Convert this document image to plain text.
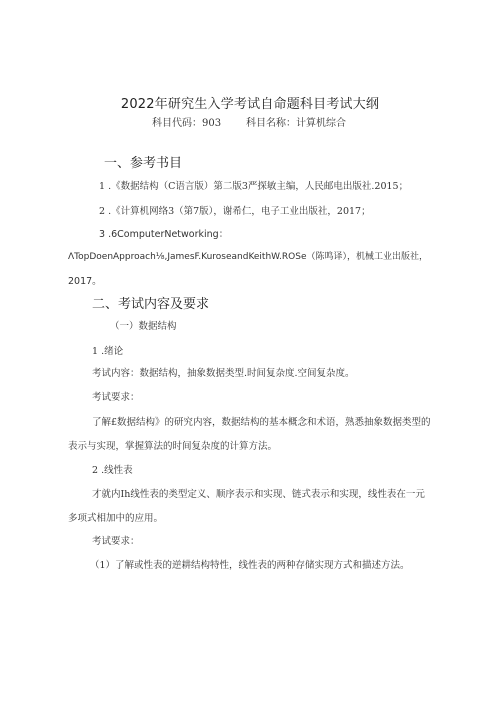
2022年研究生入学考试自命题科目考试大纲
科目代码：903 科目名称：计算机综合
一、参考书目
1 .《数据结构（C语言版）第二版3严探敏主编，人民邮电出版社.2015；
2 .《计算机网络3（第7版），谢希仁，电子工业出版社，2017；
3 .6ComputerNetworking：
ΛTopDoenApproach⅛,JamesF.KuroseandKeithW.ROSe（陈鸣译），机械工业出版社，
2017。
二、考试内容及要求
（一）数据结构
1 .绪论
考试内容：数据结构，抽象数据类型.时间复杂度.空间复杂度。
考试要求：
了解£数据结构》的研究内容，数据结构的基本概念和术语，熟悉抽象数据类型的
表示与实现，掌握算法的时间复杂度的计算方法。
2 .线性表
才就内Ih线性表的类型定义、顺序表示和实现、链式表示和实现，线性表在一元
多项式相加中的应用。
考试要求：
（1）了解或性表的逆耕结构特性，线性表的两种存储实现方式和描述方法。
